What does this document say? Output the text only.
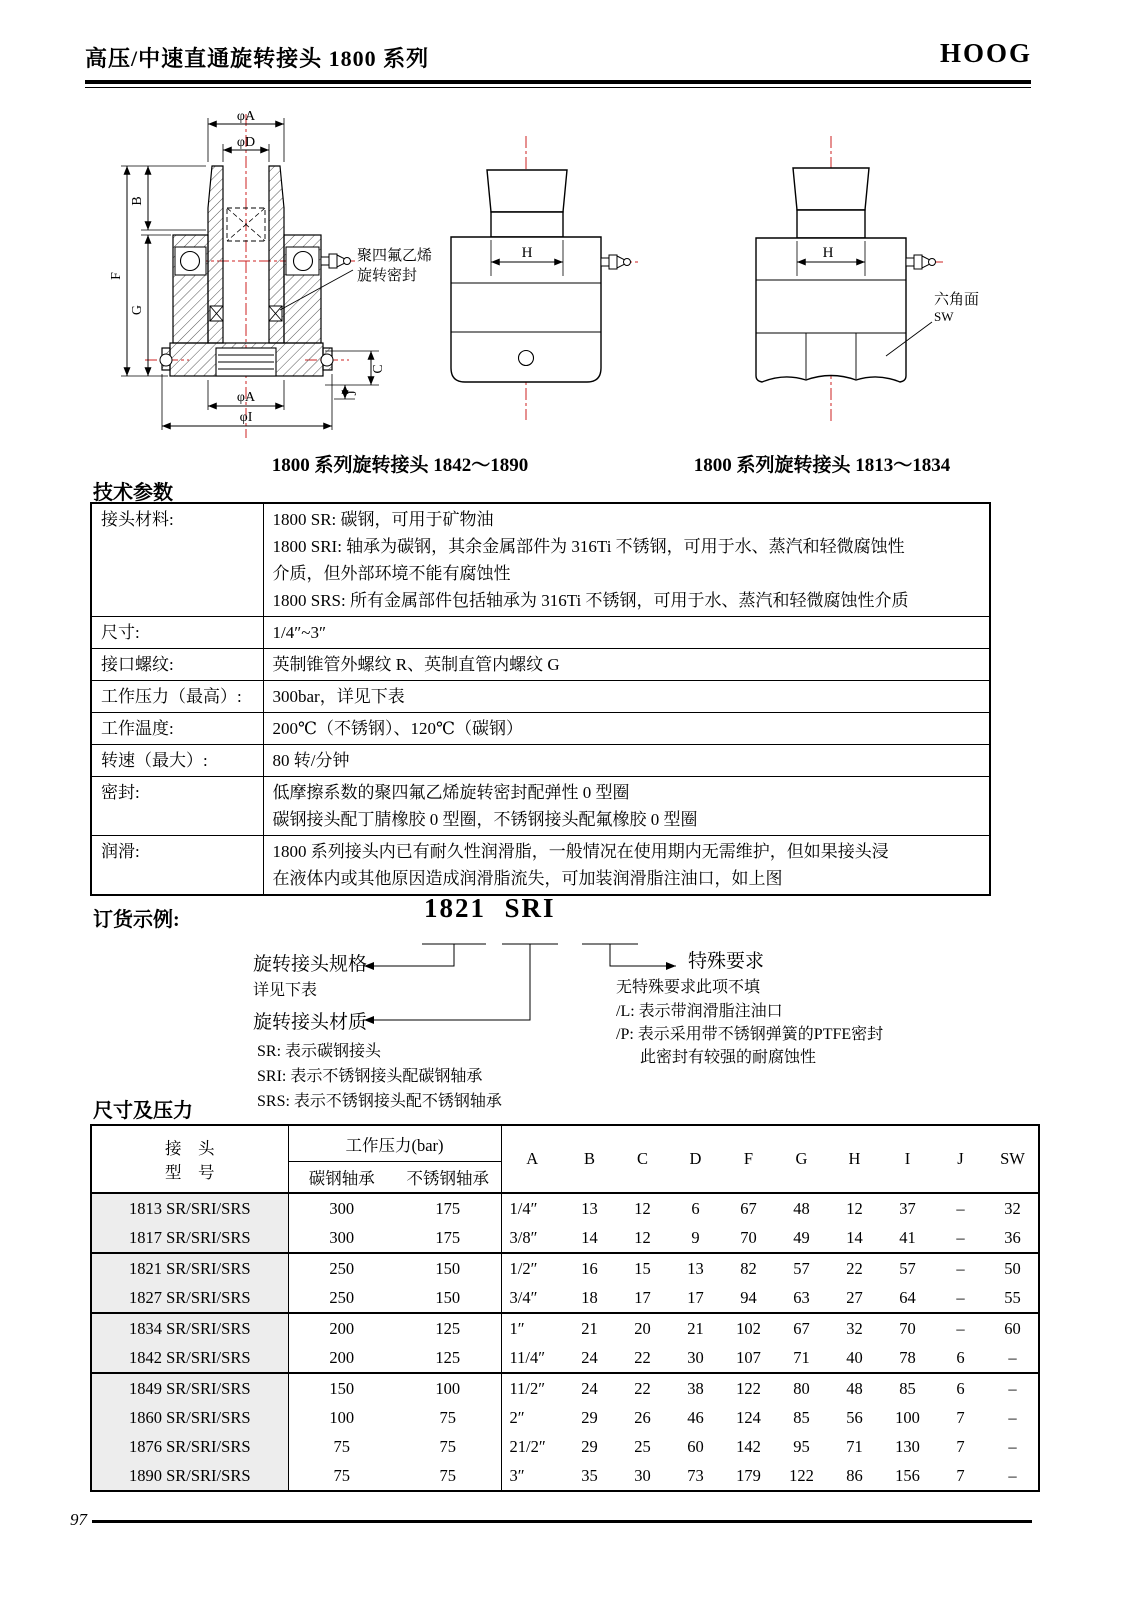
高压/中速直通旋转接头 1800 系列	HOOG
φA
φD
B
F
G
C
J
φA
φI
聚四氟乙烯
旋转密封
H	H
六角面
SW
1800 系列旋转接头 1842～1890	1800 系列旋转接头 1813～1834
技术参数
接头材料:	1800 SR: 碳钢，可用于矿物油
1800 SRI: 轴承为碳钢，其余金属部件为 316Ti 不锈钢，可用于水、蒸汽和轻微腐蚀性
介质，但外部环境不能有腐蚀性
1800 SRS: 所有金属部件包括轴承为 316Ti 不锈钢，可用于水、蒸汽和轻微腐蚀性介质

尺寸:	1/4″~3″

接口螺纹:	英制锥管外螺纹 R、英制直管内螺纹 G

工作压力（最高）:	300bar，详见下表

工作温度:	200℃（不锈钢）、120℃（碳钢）

转速（最大）:	80 转/分钟

密封:	低摩擦系数的聚四氟乙烯旋转密封配弹性 0 型圈
碳钢接头配丁腈橡胶 0 型圈，不锈钢接头配氟橡胶 0 型圈

润滑:	1800 系列接头内已有耐久性润滑脂，一般情况在使用期内无需维护，但如果接头浸
在液体内或其他原因造成润滑脂流失，可加装润滑脂注油口，如上图
订货示例:	1821 SRI
旋转接头规格
详见下表
旋转接头材质
SR: 表示碳钢接头
SRI: 表示不锈钢接头配碳钢轴承
SRS: 表示不锈钢接头配不锈钢轴承
特殊要求
无特殊要求此项不填
/L: 表示带润滑脂注油口
/P: 表示采用带不锈钢弹簧的PTFE密封
此密封有较强的耐腐蚀性
尺寸及压力
接　头
型　号	工作压力(bar)		A	B	C	D	F	G	H	I	J	SW
	碳钢轴承	不锈钢轴承										
1813 SR/SRI/SRS	300	175	1/4″	13	12	6	67	48	12	37	–	32
1817 SR/SRI/SRS	300	175	3/8″	14	12	9	70	49	14	41	–	36
1821 SR/SRI/SRS	250	150	1/2″	16	15	13	82	57	22	57	–	50
1827 SR/SRI/SRS	250	150	3/4″	18	17	17	94	63	27	64	–	55
1834 SR/SRI/SRS	200	125	1″	21	20	21	102	67	32	70	–	60
1842 SR/SRI/SRS	200	125	11/4″	24	22	30	107	71	40	78	6	–
1849 SR/SRI/SRS	150	100	11/2″	24	22	38	122	80	48	85	6	–
1860 SR/SRI/SRS	100	75	2″	29	26	46	124	85	56	100	7	–
1876 SR/SRI/SRS	75	75	21/2″	29	25	60	142	95	71	130	7	–
1890 SR/SRI/SRS	75	75	3″	35	30	73	179	122	86	156	7	–
97
